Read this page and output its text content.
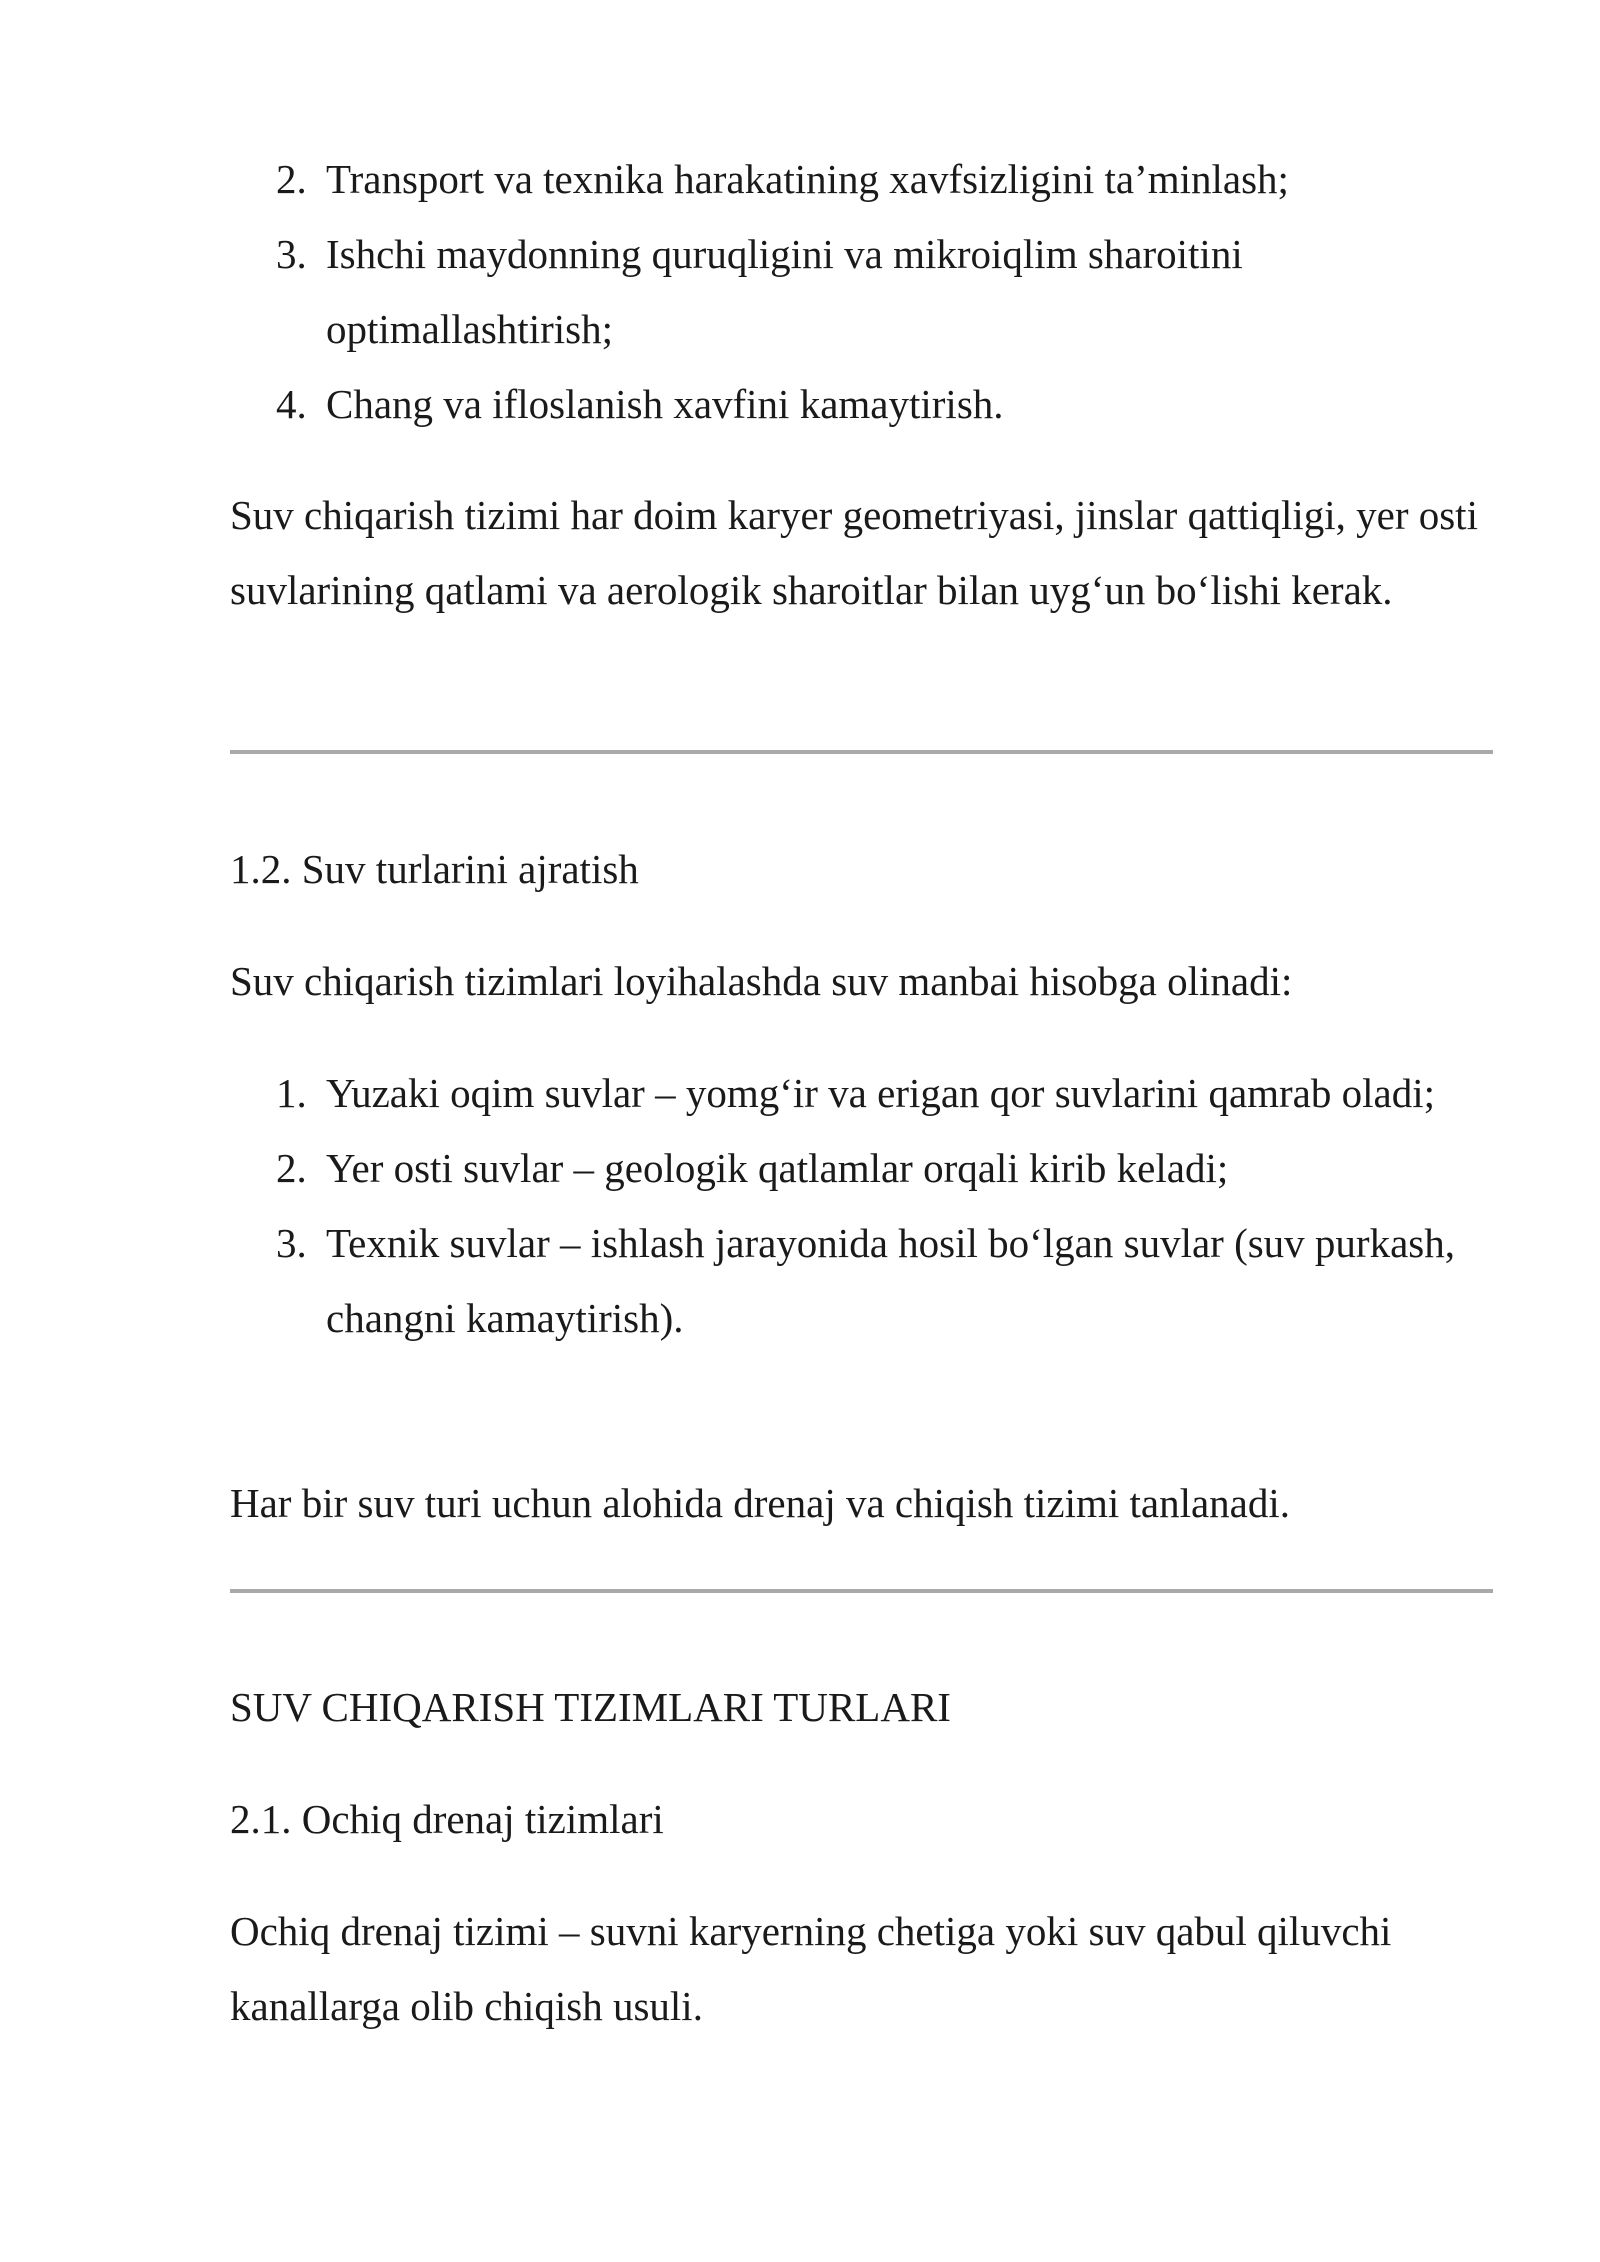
2. Transport va texnika harakatining xavfsizligini ta’minlash;
3. Ishchi maydonning quruqligini va mikroiqlim sharoitini optimallashtirish;
4. Chang va ifloslanish xavfini kamaytirish.

Suv chiqarish tizimi har doim karyer geometriyasi, jinslar qattiqligi, yer osti suvlarining qatlami va aerologik sharoitlar bilan uyg‘un bo‘lishi kerak.

1.2. Suv turlarini ajratish

Suv chiqarish tizimlari loyihalashda suv manbai hisobga olinadi:

1. Yuzaki oqim suvlar – yomg‘ir va erigan qor suvlarini qamrab oladi;
2. Yer osti suvlar – geologik qatlamlar orqali kirib keladi;
3. Texnik suvlar – ishlash jarayonida hosil bo‘lgan suvlar (suv purkash, changni kamaytirish).

Har bir suv turi uchun alohida drenaj va chiqish tizimi tanlanadi.

SUV CHIQARISH TIZIMLARI TURLARI

2.1. Ochiq drenaj tizimlari

Ochiq drenaj tizimi – suvni karyerning chetiga yoki suv qabul qiluvchi kanallarga olib chiqish usuli.
